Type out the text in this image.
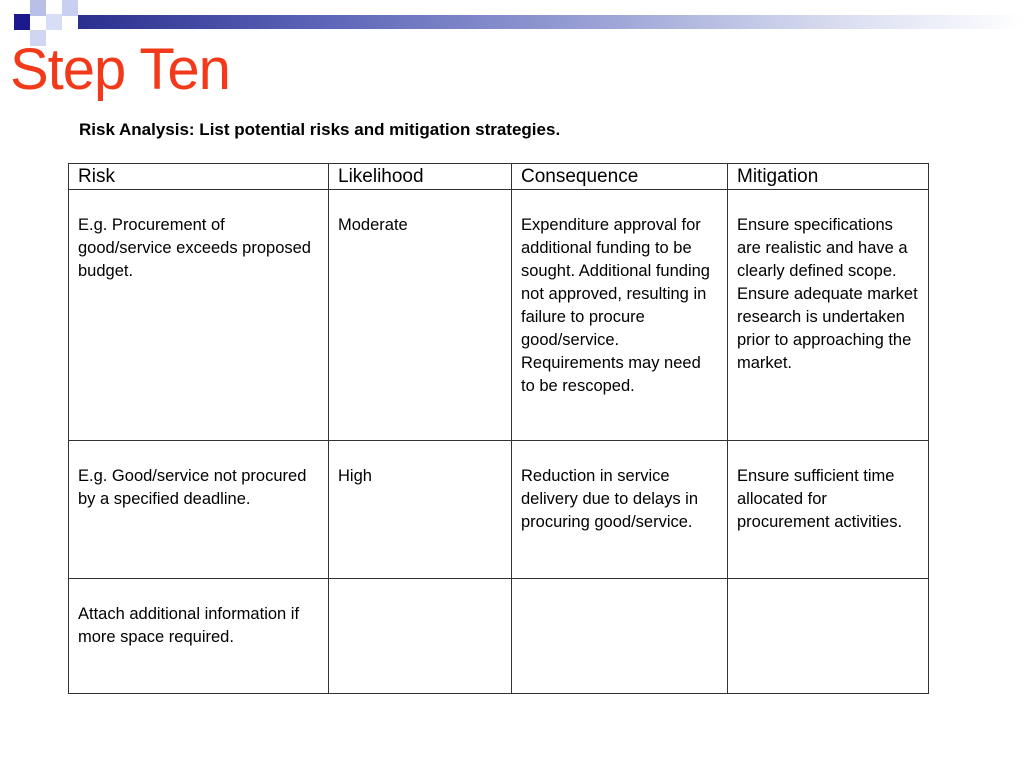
Step Ten

Risk Analysis: List potential risks and mitigation strategies.

Risk	Likelihood	Consequence	Mitigation
E.g. Procurement of good/service exceeds proposed budget.	Moderate	Expenditure approval for additional funding to be sought. Additional funding not approved, resulting in failure to procure good/service. Requirements may need to be rescoped.	Ensure specifications are realistic and have a clearly defined scope. Ensure adequate market research is undertaken prior to approaching the market.
E.g. Good/service not procured by a specified deadline.	High	Reduction in service delivery due to delays in procuring good/service.	Ensure sufficient time allocated for procurement activities.
Attach additional information if more space required.			
